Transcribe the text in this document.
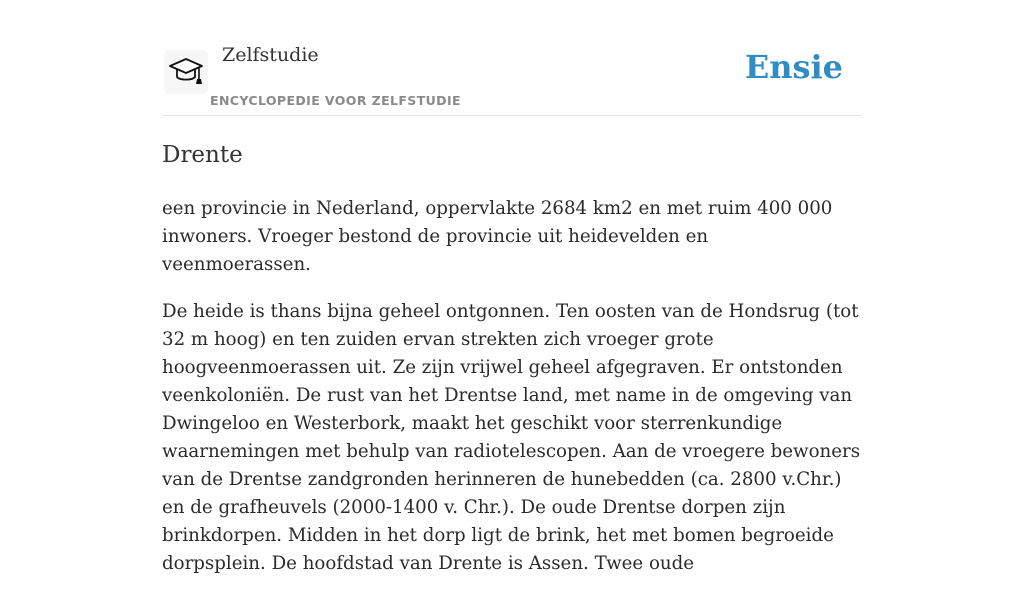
Zelfstudie
ENCYCLOPEDIE VOOR ZELFSTUDIE
Ensie
Drente

een provincie in Nederland, oppervlakte 2684 km2 en met ruim 400 000 inwoners. Vroeger bestond de provincie uit heidevelden en veenmoerassen.

De heide is thans bijna geheel ontgonnen. Ten oosten van de Hondsrug (tot 32 m hoog) en ten zuiden ervan strekten zich vroeger grote hoogveenmoerassen uit. Ze zijn vrijwel geheel afgegraven. Er ontstonden veenkoloniën. De rust van het Drentse land, met name in de omgeving van Dwingeloo en Westerbork, maakt het geschikt voor sterrenkundige waarnemingen met behulp van radiotelescopen. Aan de vroegere bewoners van de Drentse zandgronden herinneren de hunebedden (ca. 2800 v.Chr.) en de grafheuvels (2000-1400 v. Chr.). De oude Drentse dorpen zijn brinkdorpen. Midden in het dorp ligt de brink, het met bomen begroeide dorpsplein. De hoofdstad van Drente is Assen. Twee oude
